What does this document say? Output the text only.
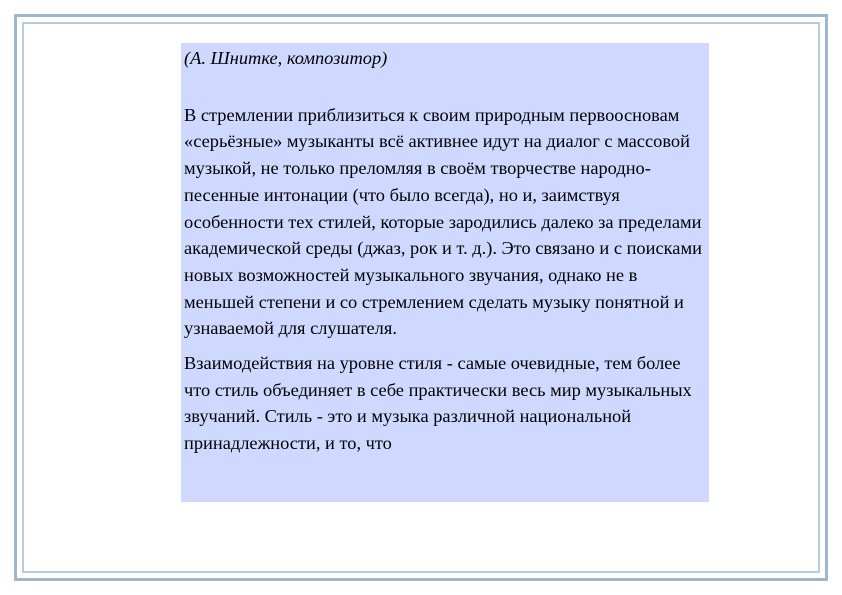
(А. Шнитке, композитор)

В стремлении приблизиться к своим природным первоосновам «серьёзные» музыканты всё активнее идут на диалог с массовой музыкой, не только преломляя в своём творчестве народно-песенные интонации (что было всегда), но и, заимствуя особенности тех стилей, которые зародились далеко за пределами академической среды (джаз, рок и т. д.). Это связано и с поисками новых возможностей музыкального звучания, однако не в меньшей степени и со стремлением сделать музыку понятной и узнаваемой для слушателя.

Взаимодействия на уровне стиля - самые очевидные, тем более что стиль объединяет в себе практически весь мир музыкальных звучаний. Стиль - это и музыка различной национальной принадлежности, и то, что
